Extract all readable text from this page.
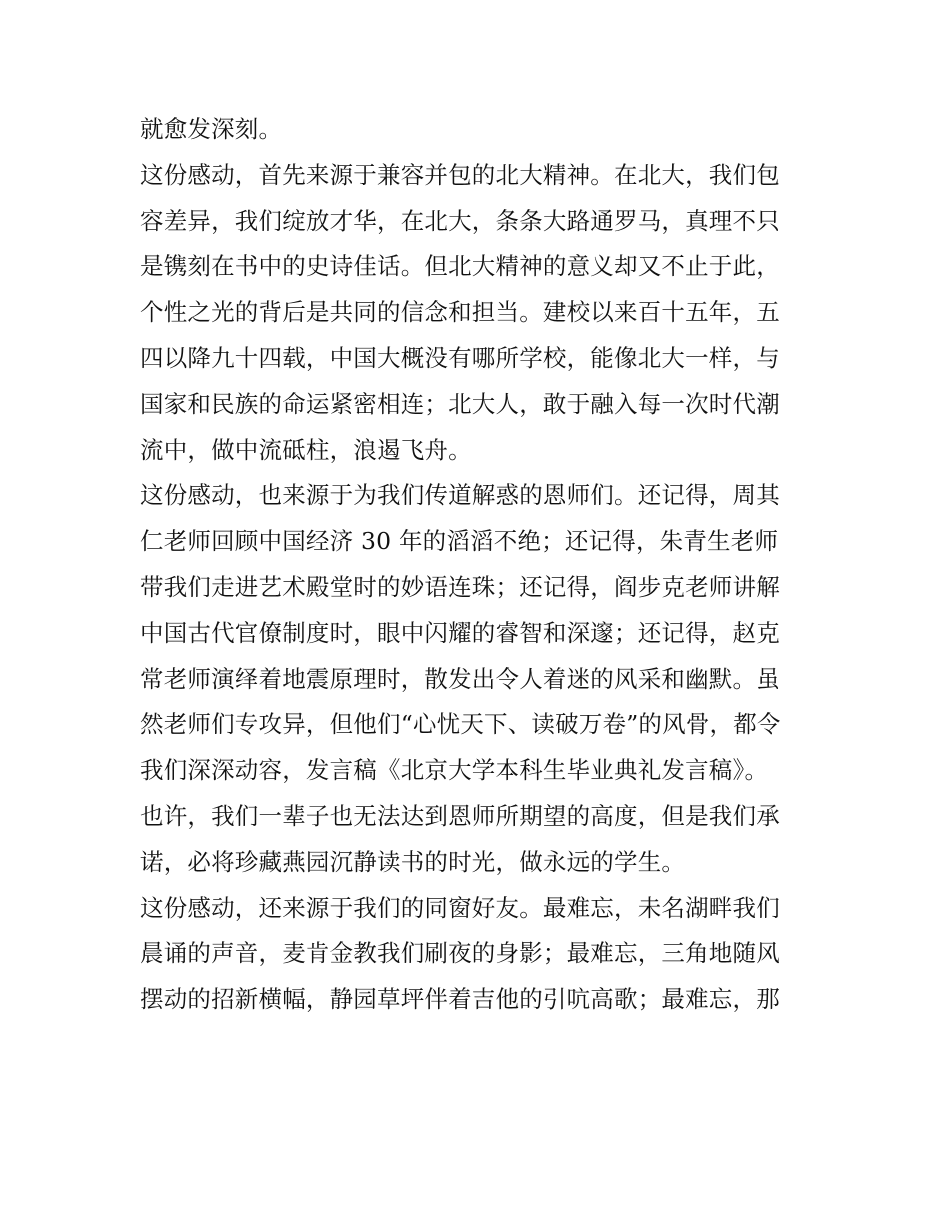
就愈发深刻。
这份感动，首先来源于兼容并包的北大精神。在北大，我们包
容差异，我们绽放才华，在北大，条条大路通罗马，真理不只
是镌刻在书中的史诗佳话。但北大精神的意义却又不止于此，
个性之光的背后是共同的信念和担当。建校以来百十五年，五
四以降九十四载，中国大概没有哪所学校，能像北大一样，与
国家和民族的命运紧密相连；北大人，敢于融入每一次时代潮
流中，做中流砥柱，浪遏飞舟。
这份感动，也来源于为我们传道解惑的恩师们。还记得，周其
仁老师回顾中国经济 30 年的滔滔不绝；还记得，朱青生老师
带我们走进艺术殿堂时的妙语连珠；还记得，阎步克老师讲解
中国古代官僚制度时，眼中闪耀的睿智和深邃；还记得，赵克
常老师演绎着地震原理时，散发出令人着迷的风采和幽默。虽
然老师们专攻异，但他们“心忧天下、读破万卷”的风骨，都令
我们深深动容，发言稿《北京大学本科生毕业典礼发言稿》。
也许，我们一辈子也无法达到恩师所期望的高度，但是我们承
诺，必将珍藏燕园沉静读书的时光，做永远的学生。
这份感动，还来源于我们的同窗好友。最难忘，未名湖畔我们
晨诵的声音，麦肯金教我们刷夜的身影；最难忘，三角地随风
摆动的招新横幅，静园草坪伴着吉他的引吭高歌；最难忘，那
